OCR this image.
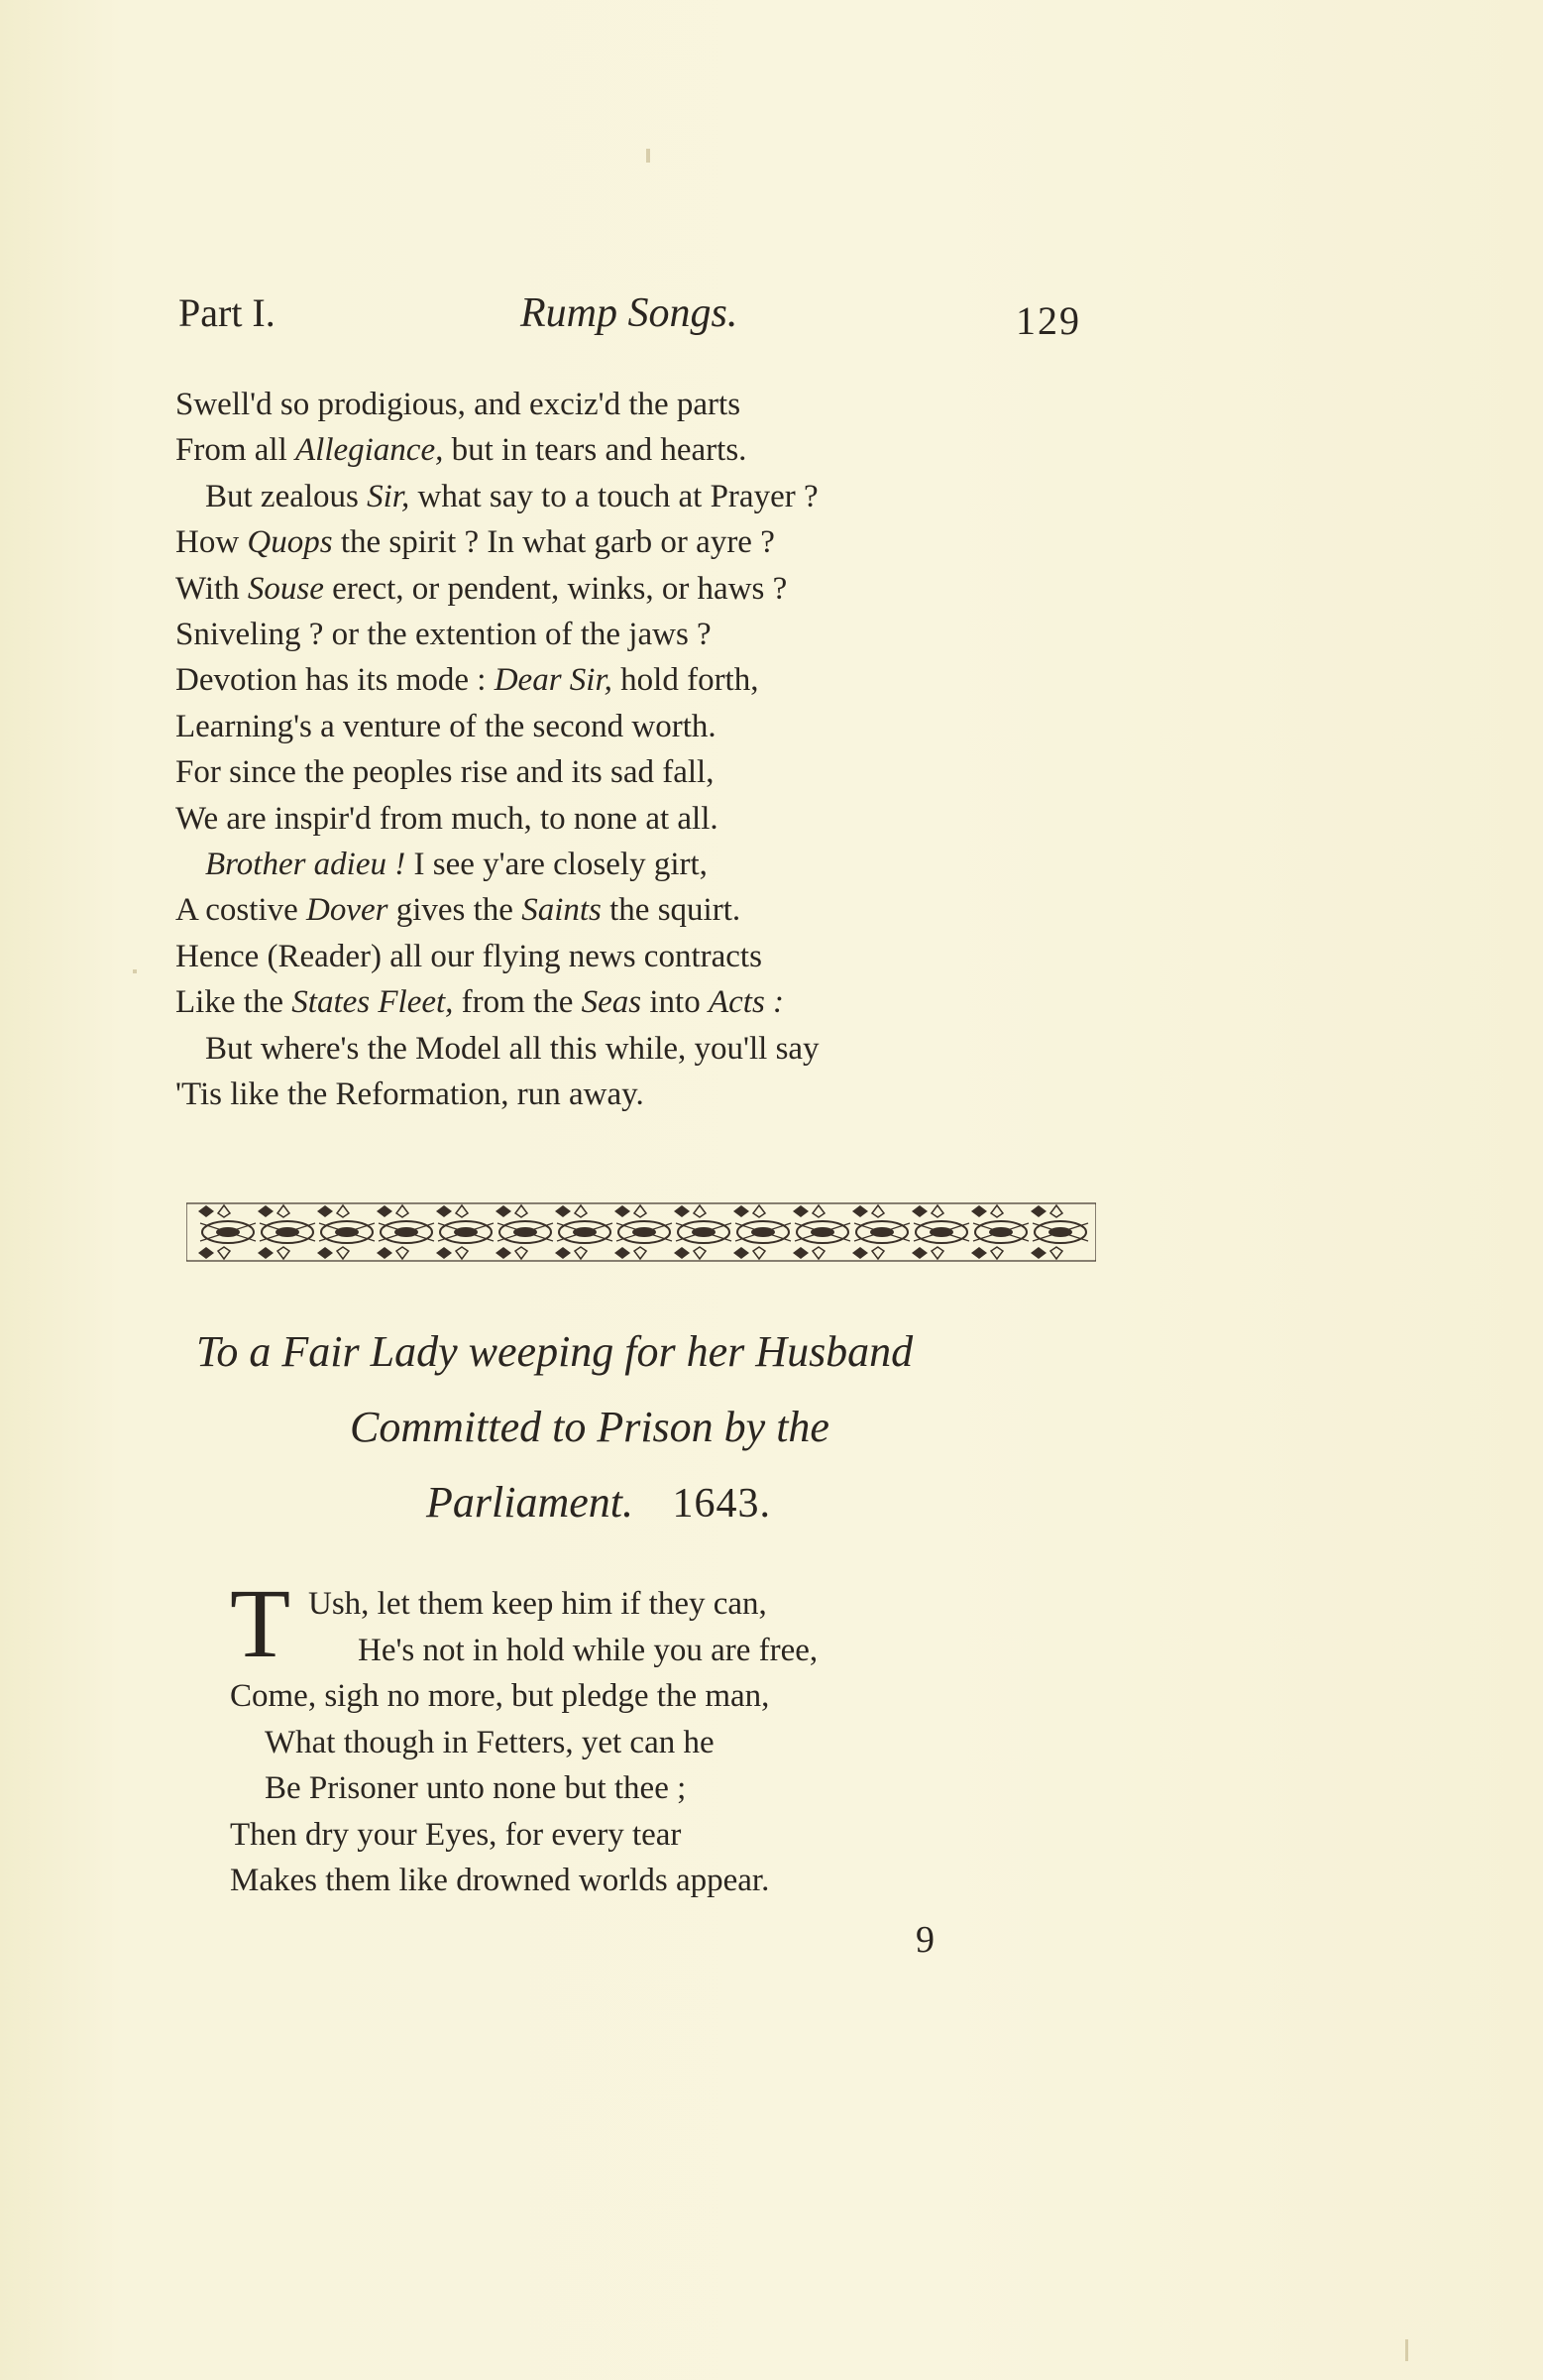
Part I.	Rump Songs.	129
Swell'd so prodigious, and exciz'd the parts
From all Allegiance, but in tears and hearts.
But zealous Sir, what say to a touch at Prayer ?
How Quops the spirit ? In what garb or ayre ?
With Souse erect, or pendent, winks, or haws ?
Sniveling ? or the extention of the jaws ?
Devotion has its mode : Dear Sir, hold forth,
Learning's a venture of the second worth.
For since the peoples rise and its sad fall,
We are inspir'd from much, to none at all.
Brother adieu ! I see y'are closely girt,
A costive Dover gives the Saints the squirt.
Hence (Reader) all our flying news contracts
Like the States Fleet, from the Seas into Acts :
But where's the Model all this while, you'll say
'Tis like the Reformation, run away.
To a Fair Lady weeping for her Husband
Committed to Prison by the
Parliament. 1643.
T Ush, let them keep him if they can,
He's not in hold while you are free,
Come, sigh no more, but pledge the man,
What though in Fetters, yet can he
Be Prisoner unto none but thee ;
Then dry your Eyes, for every tear
Makes them like drowned worlds appear.
9
